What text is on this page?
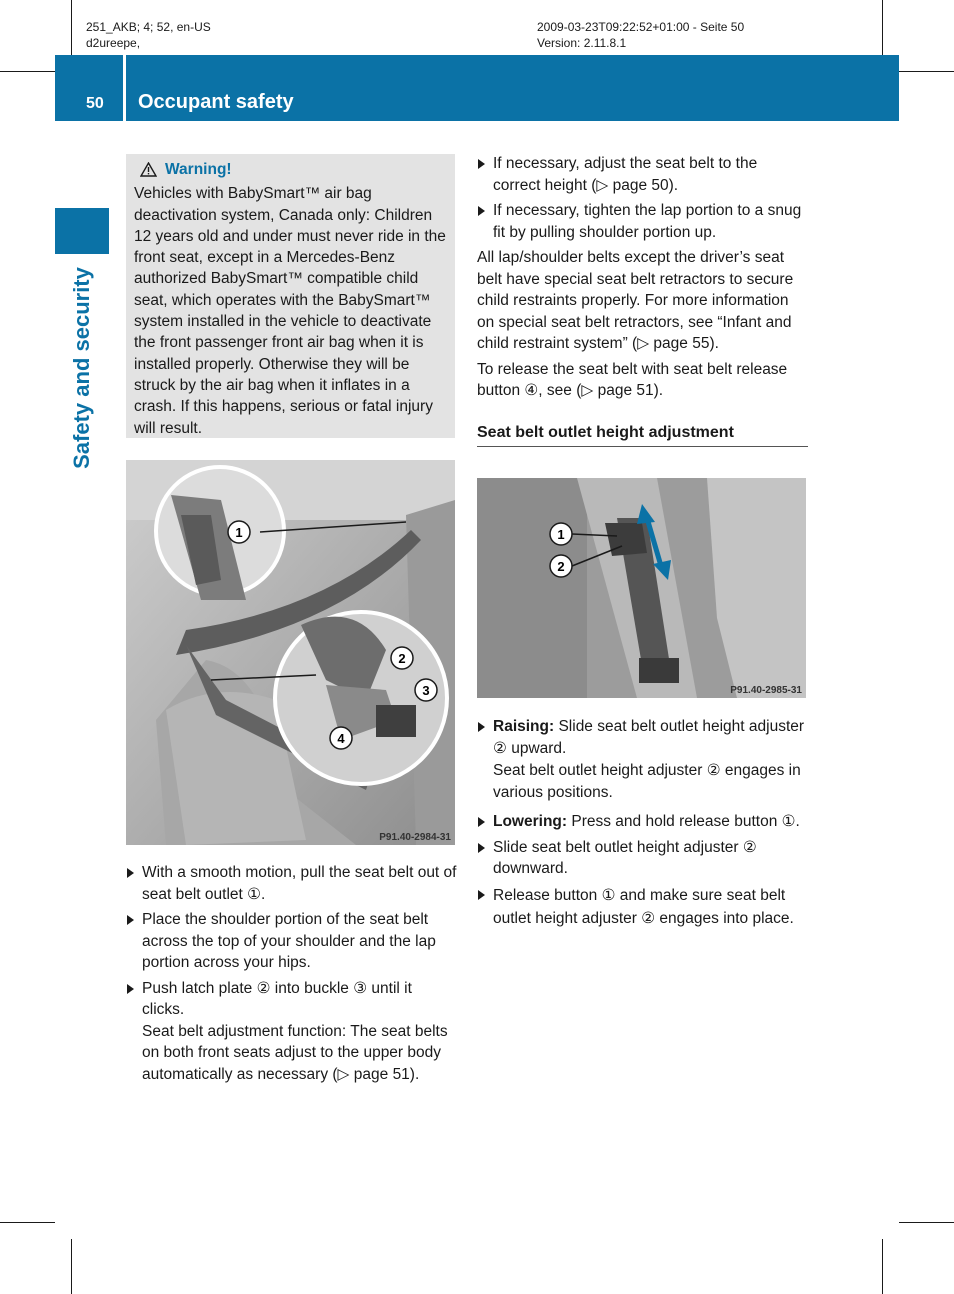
251_AKB; 4; 52, en-US
d2ureepe,
2009-03-23T09:22:52+01:00 - Seite 50
Version: 2.11.8.1
50 Occupant safety
Safety and security
Warning!
Vehicles with BabySmart™ air bag deactivation system, Canada only: Children 12 years old and under must never ride in the front seat, except in a Mercedes-Benz authorized BabySmart™ compatible child seat, which operates with the BabySmart™ system installed in the vehicle to deactivate the front passenger front air bag when it is installed properly. Otherwise they will be struck by the air bag when it inflates in a crash. If this happens, serious or fatal injury will result.
1
2
3
4
P91.40-2984-31
With a smooth motion, pull the seat belt out of seat belt outlet ①.
Place the shoulder portion of the seat belt across the top of your shoulder and the lap portion across your hips.
Push latch plate ② into buckle ③ until it clicks.
Seat belt adjustment function: The seat belts on both front seats adjust to the upper body automatically as necessary (▷ page 51).
If necessary, adjust the seat belt to the correct height (▷ page 50).
If necessary, tighten the lap portion to a snug fit by pulling shoulder portion up.
All lap/shoulder belts except the driver’s seat belt have special seat belt retractors to secure child restraints properly. For more information on special seat belt retractors, see “Infant and child restraint system” (▷ page 55).
To release the seat belt with seat belt release button ④, see (▷ page 51).
Seat belt outlet height adjustment
1
2
P91.40-2985-31
Raising: Slide seat belt outlet height adjuster ② upward.
Seat belt outlet height adjuster ② engages in various positions.
Lowering: Press and hold release button ①.
Slide seat belt outlet height adjuster ② downward.
Release button ① and make sure seat belt outlet height adjuster ② engages into place.
